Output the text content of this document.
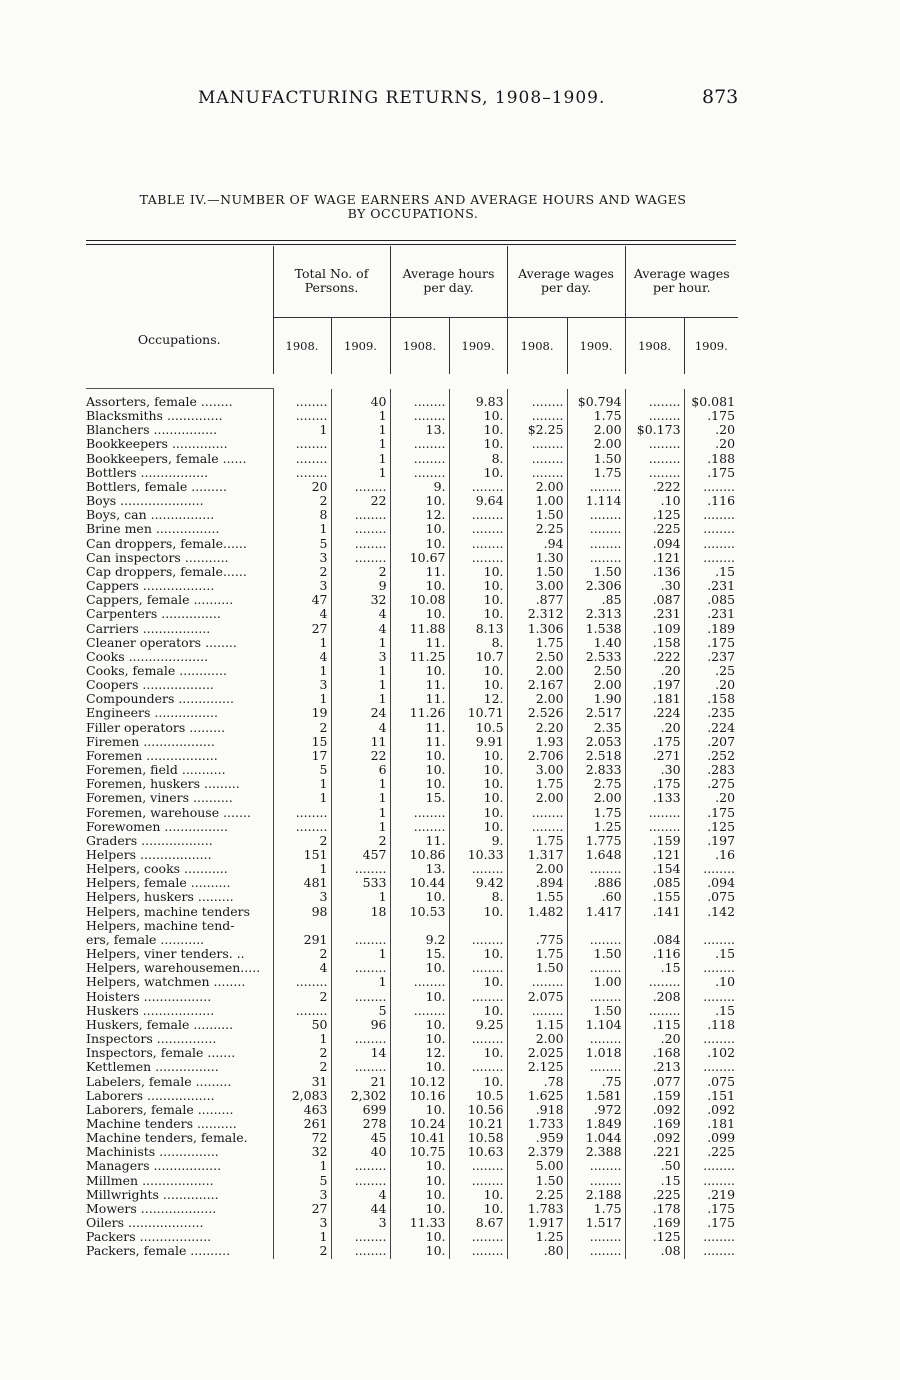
MANUFACTURING RETURNS, 1908–1909.	873
TABLE IV.—NUMBER OF WAGE EARNERS AND AVERAGE HOURS AND WAGES
BY OCCUPATIONS.
Occupations.	Total No. of Persons.		Average hours per day.		Average wages per day.		Average wages per hour.	
	1908.	1909.	1908.	1909.	1908.	1909.	1908.	1909.

Assorters, female ........	........	40	........	9.83	........	$0.794	........	$0.081
Blacksmiths ..............	........	1	........	10.	........	1.75	........	.175
Blanchers ................	1	1	13.	10.	$2.25	2.00	$0.173	.20
Bookkeepers ..............	........	1	........	10.	........	2.00	........	.20
Bookkeepers, female ......	........	1	........	8.	........	1.50	........	.188
Bottlers .................	........	1	........	10.	........	1.75	........	.175
Bottlers, female .........	20	........	9.	........	2.00	........	.222	........
Boys .....................	2	22	10.	9.64	1.00	1.114	.10	.116
Boys, can ................	8	........	12.	........	1.50	........	.125	........
Brine men ................	1	........	10.	........	2.25	........	.225	........
Can droppers, female......	5	........	10.	........	.94	........	.094	........
Can inspectors ...........	3	........	10.67	........	1.30	........	.121	........
Cap droppers, female......	2	2	11.	10.	1.50	1.50	.136	.15
Cappers ..................	3	9	10.	10.	3.00	2.306	.30	.231
Cappers, female ..........	47	32	10.08	10.	.877	.85	.087	.085
Carpenters ...............	4	4	10.	10.	2.312	2.313	.231	.231
Carriers .................	27	4	11.88	8.13	1.306	1.538	.109	.189
Cleaner operators ........	1	1	11.	8.	1.75	1.40	.158	.175
Cooks ....................	4	3	11.25	10.7	2.50	2.533	.222	.237
Cooks, female ............	1	1	10.	10.	2.00	2.50	.20	.25
Coopers ..................	3	1	11.	10.	2.167	2.00	.197	.20
Compounders ..............	1	1	11.	12.	2.00	1.90	.181	.158
Engineers ................	19	24	11.26	10.71	2.526	2.517	.224	.235
Filler operators .........	2	4	11.	10.5	2.20	2.35	.20	.224
Firemen ..................	15	11	11.	9.91	1.93	2.053	.175	.207
Foremen ..................	17	22	10.	10.	2.706	2.518	.271	.252
Foremen, field ...........	5	6	10.	10.	3.00	2.833	.30	.283
Foremen, huskers .........	1	1	10.	10.	1.75	2.75	.175	.275
Foremen, viners ..........	1	1	15.	10.	2.00	2.00	.133	.20
Foremen, warehouse .......	........	1	........	10.	........	1.75	........	.175
Forewomen ................	........	1	........	10.	........	1.25	........	.125
Graders ..................	2	2	11.	9.	1.75	1.775	.159	.197
Helpers ..................	151	457	10.86	10.33	1.317	1.648	.121	.16
Helpers, cooks ...........	1	........	13.	........	2.00	........	.154	........
Helpers, female ..........	481	533	10.44	9.42	.894	.886	.085	.094
Helpers, huskers .........	3	1	10.	8.	1.55	.60	.155	.075
Helpers, machine tenders	98	18	10.53	10.	1.482	1.417	.141	.142
Helpers, machine tend-								
ers, female ...........	291	........	9.2	........	.775	........	.084	........
Helpers, viner tenders. ..	2	1	15.	10.	1.75	1.50	.116	.15
Helpers, warehousemen.....	4	........	10.	........	1.50	........	.15	........
Helpers, watchmen ........	........	1	........	10.	........	1.00	........	.10
Hoisters .................	2	........	10.	........	2.075	........	.208	........
Huskers ..................	........	5	........	10.	........	1.50	........	.15
Huskers, female ..........	50	96	10.	9.25	1.15	1.104	.115	.118
Inspectors ...............	1	........	10.	........	2.00	........	.20	........
Inspectors, female .......	2	14	12.	10.	2.025	1.018	.168	.102
Kettlemen ................	2	........	10.	........	2.125	........	.213	........
Labelers, female .........	31	21	10.12	10.	.78	.75	.077	.075
Laborers .................	2,083	2,302	10.16	10.5	1.625	1.581	.159	.151
Laborers, female .........	463	699	10.	10.56	.918	.972	.092	.092
Machine tenders ..........	261	278	10.24	10.21	1.733	1.849	.169	.181
Machine tenders, female.	72	45	10.41	10.58	.959	1.044	.092	.099
Machinists ...............	32	40	10.75	10.63	2.379	2.388	.221	.225
Managers .................	1	........	10.	........	5.00	........	.50	........
Millmen ..................	5	........	10.	........	1.50	........	.15	........
Millwrights ..............	3	4	10.	10.	2.25	2.188	.225	.219
Mowers ...................	27	44	10.	10.	1.783	1.75	.178	.175
Oilers ...................	3	3	11.33	8.67	1.917	1.517	.169	.175
Packers ..................	1	........	10.	........	1.25	........	.125	........
Packers, female ..........	2	........	10.	........	.80	........	.08	........
